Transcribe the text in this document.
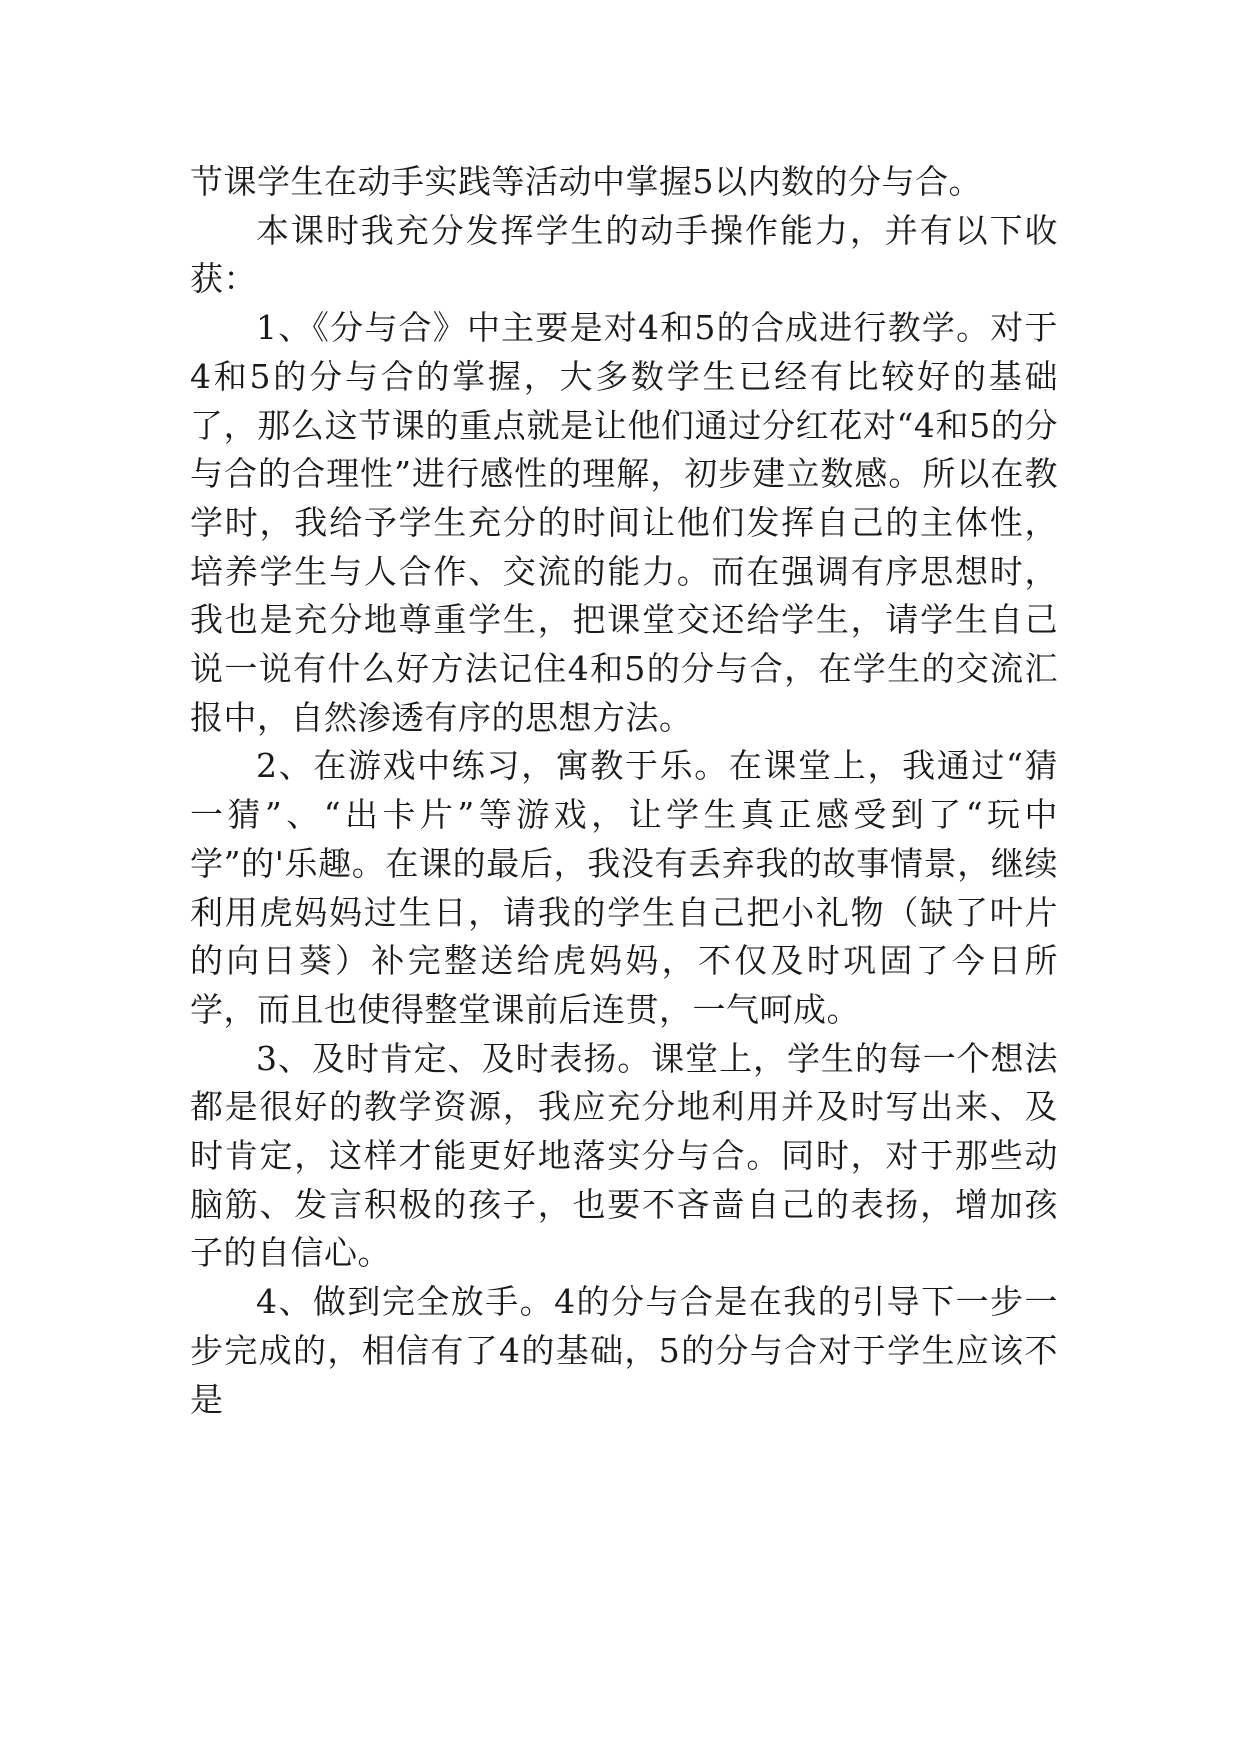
节课学生在动手实践等活动中掌握5以内数的分与合。

本课时我充分发挥学生的动手操作能力，并有以下收获：

1、《分与合》中主要是对4和5的合成进行教学。对于4和5的分与合的掌握，大多数学生已经有比较好的基础了，那么这节课的重点就是让他们通过分红花对“4和5的分与合的合理性”进行感性的理解，初步建立数感。所以在教学时，我给予学生充分的时间让他们发挥自己的主体性，培养学生与人合作、交流的能力。而在强调有序思想时，我也是充分地尊重学生，把课堂交还给学生，请学生自己说一说有什么好方法记住4和5的分与合，在学生的交流汇报中，自然渗透有序的思想方法。

2、在游戏中练习，寓教于乐。在课堂上，我通过“猜一猜”、“出卡片”等游戏，让学生真正感受到了“玩中学”的'乐趣。在课的最后，我没有丢弃我的故事情景，继续利用虎妈妈过生日，请我的学生自己把小礼物（缺了叶片的向日葵）补完整送给虎妈妈，不仅及时巩固了今日所学，而且也使得整堂课前后连贯，一气呵成。

3、及时肯定、及时表扬。课堂上，学生的每一个想法都是很好的教学资源，我应充分地利用并及时写出来、及时肯定，这样才能更好地落实分与合。同时，对于那些动脑筋、发言积极的孩子，也要不吝啬自己的表扬，增加孩子的自信心。

4、做到完全放手。4的分与合是在我的引导下一步一步完成的，相信有了4的基础，5的分与合对于学生应该不是
